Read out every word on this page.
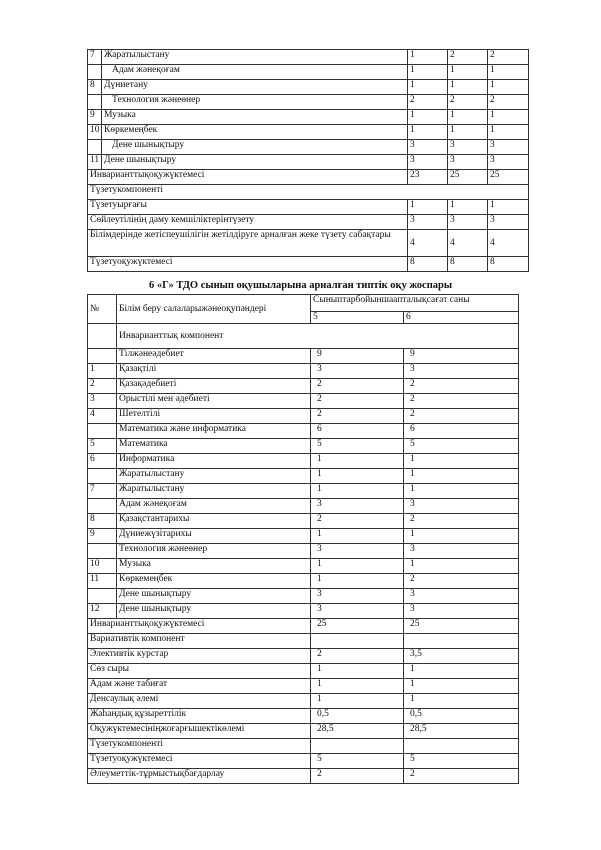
7	Жаратылыстану	1	2	2
	Адам жәнеқоғам	1	1	1
8	Дүниетану	1	1	1
	Технология жәнеөнер	2	2	2
9	Музыка	1	1	1
10	Көркемеңбек	1	1	1
	Дене шынықтыру	3	3	3
11	Дене шынықтыру	3	3	3
Инварианттықоқужүктемесі		23	25	25
Түзетукомпоненті				
Түзетуырғағы		1	1	1
Сөйлеутілінің даму кемшіліктерінтүзету		3	3	3
Білімдерінде жетіспеушілігін жетілдіруге арналған жеке түзету сабақтары		4	4	4
Түзетуоқужүктемесі		8	8	8
6 «Г» ТДО сынып оқушыларына арналған типтік оқу жоспары
№	Білім беру салаларыжәнеоқупәндері	Сыныптарбойыншаапталықсағат саны	
		5	6
	Инварианттық компонент		
	Тілжәнеәдебиет	9	9
1	Қазақтілі	3	3
2	Қазақәдебиеті	2	2
3	Орыстілі мен әдебиеті	2	2
4	Шетелтілі	2	2
	Математика және информатика	6	6
5	Математика	5	5
6	Информатика	1	1
	Жаратылыстану	1	1
7	Жаратылыстану	1	1
	Адам жәнеқоғам	3	3
8	Қазақстантарихы	2	2
9	Дүниежүзітарихы	1	1
	Технология жәнеөнер	3	3
10	Музыка	1	1
11	Көркемеңбек	1	2
	Дене шынықтыру	3	3
12	Дене шынықтыру	3	3
Инварианттықоқужүктемесі		25	25
Вариативтік компонент			
Элективтік курстар		2	3,5
Сөз сыры		1	1
Адам және табиғат		1	1
Денсаулық әлемі		1	1
Жаһандық құзыреттілік		0,5	0,5
Оқужүктемесініңжоғарғышектікөлемі		28,5	28,5
Түзетукомпоненті			
Түзетуоқужүктемесі		5	5
Әлеуметтік-тұрмыстықбағдарлау		2	2
